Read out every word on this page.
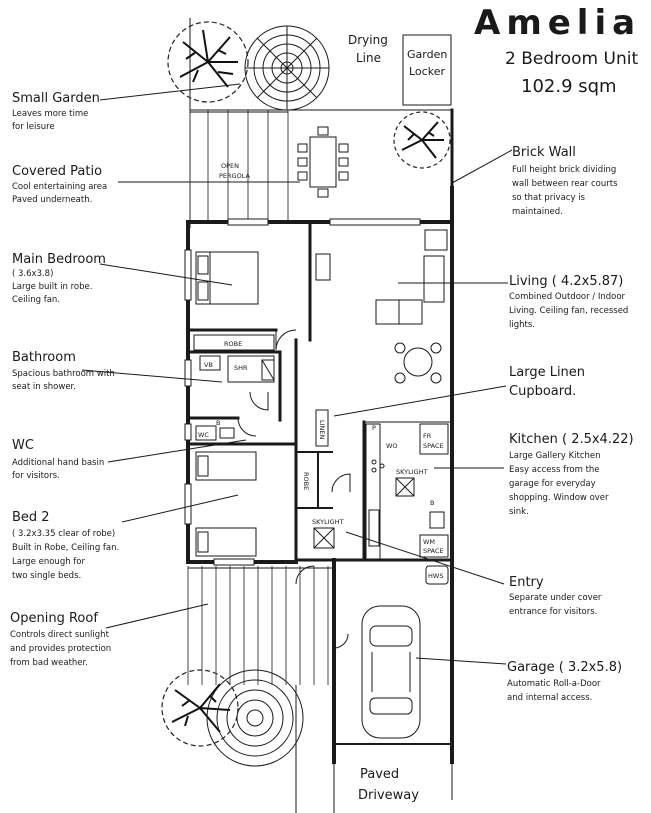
Amelia
2 Bedroom Unit
102.9 sqm
Drying
Line Garden
Locker
OPEN
PERGOLA
ROBE
VB	SHR
B
WC	LINEN
ROBE
P
WO
FR
SPACE
SKYLIGHT
B
WM
SPACE
SKYLIGHT
HWS
Paved
Driveway
Small Garden
Leaves more time
for leisure
Covered Patio
Cool entertaining area
Paved underneath.
Main Bedroom
( 3.6x3.8)
Large built in robe.
Ceiling fan.
Bathroom
Spacious bathroom with
seat in shower.
WC
Additional hand basin
for visitors.
Bed 2
( 3.2x3.35 clear of robe)
Built in Robe, Ceiling fan.
Large enough for
two single beds.
Opening Roof
Controls direct sunlight
and provides protection
from bad weather.
Brick Wall
Full height brick dividing
wall between rear courts
so that privacy is
maintained.
Living ( 4.2x5.87)
Combined Outdoor / Indoor
Living. Ceiling fan, recessed
lights.
Large Linen
Cupboard.
Kitchen ( 2.5x4.22)
Large Gallery Kitchen
Easy access from the
garage for everyday
shopping. Window over
sink.
Entry
Separate under cover
entrance for visitors.
Garage ( 3.2x5.8)
Automatic Roll-a-Door
and internal access.
